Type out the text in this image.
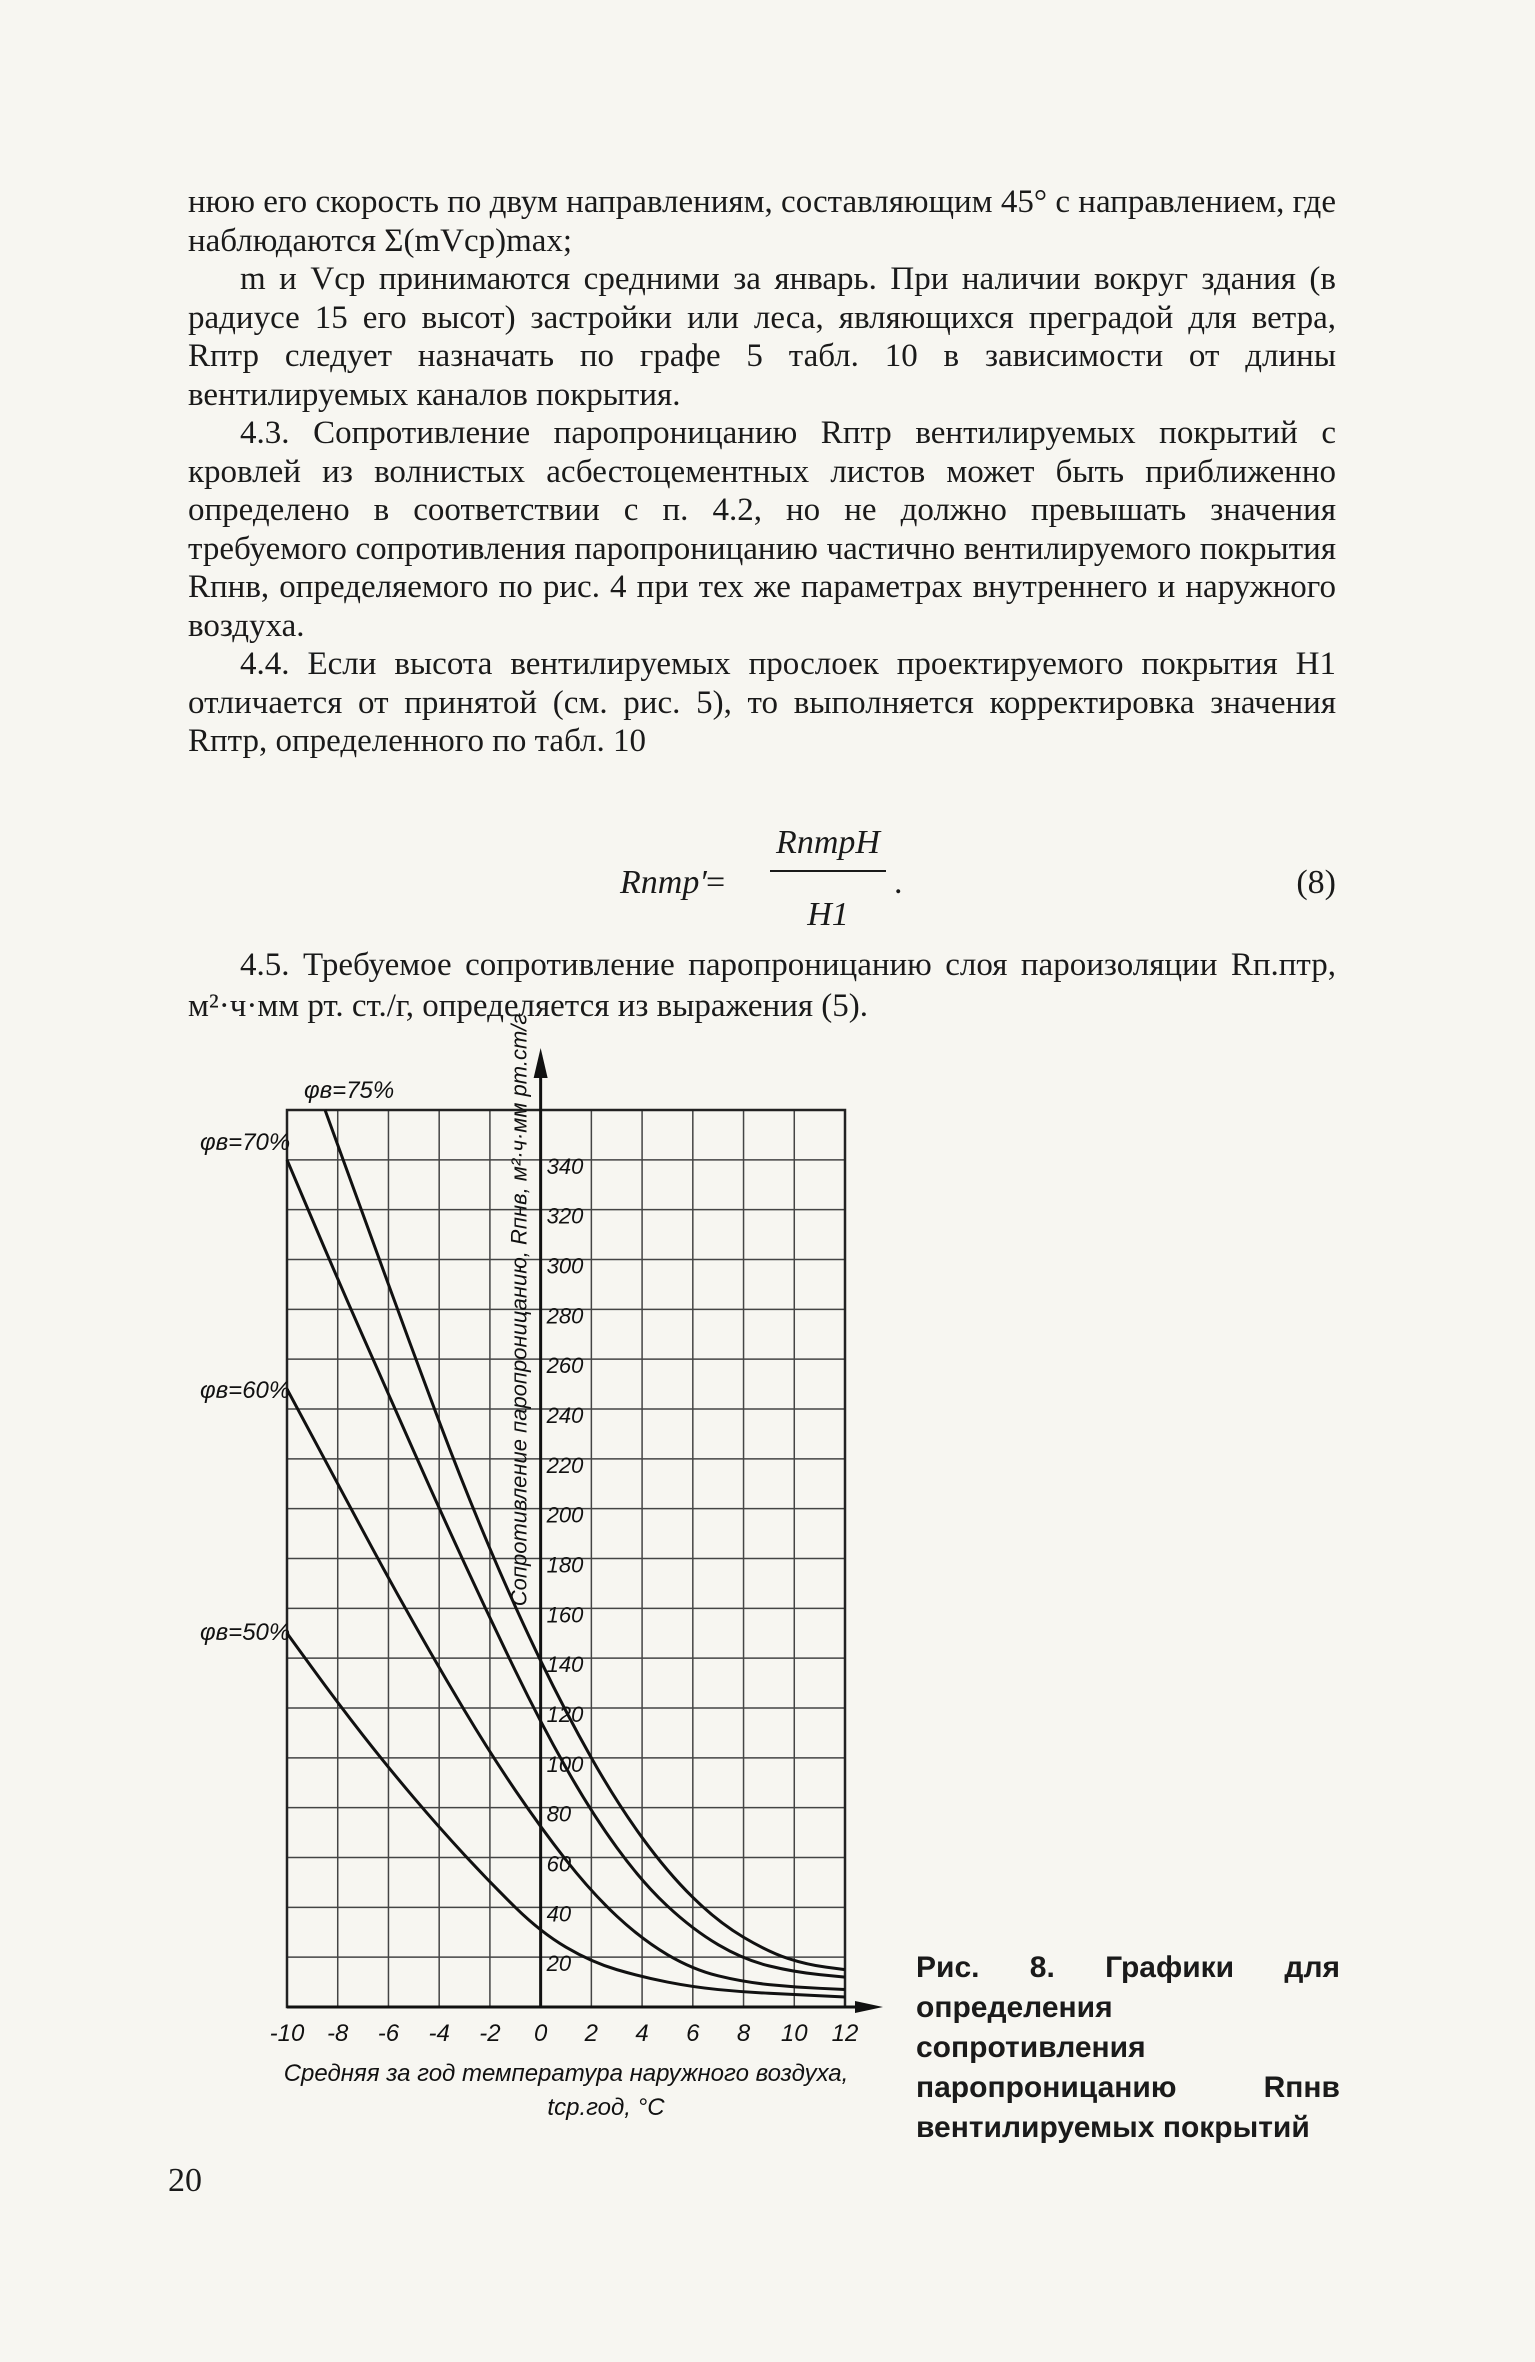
нюю его скорость по двум направлениям, составляющим 45° с направлением, где наблюдаются Σ(mVcp)max;

m и Vcp принимаются средними за январь. При наличии вокруг здания (в радиусе 15 его высот) застройки или леса, являющихся преградой для ветра, Rптр следует назначать по графе 5 табл. 10 в зависимости от длины вентилируемых каналов покрытия.

4.3. Сопротивление паропроницанию Rптр вентилируемых покрытий с кровлей из волнистых асбестоцементных листов может быть приближенно определено в соответствии с п. 4.2, но не должно превышать значения требуемого сопротивления паропроницанию частично вентилируемого покрытия Rпнв, определяемого по рис. 4 при тех же параметрах внутреннего и наружного воздуха.

4.4. Если высота вентилируемых прослоек проектируемого покрытия H1 отличается от принятой (см. рис. 5), то выполняется корректировка значения Rптр, определенного по табл. 10

Rптр′ =
RптрH
H1
.	(8)

4.5. Требуемое сопротивление паропроницанию слоя пароизоляции Rп.птр, м²·ч·мм рт. ст./г, определяется из выражения (5).

20
40
60
80
100
120
140
160
180
200
220
240
260
280
300
320
340
-10 -8 -6 -4 -2 0 2 4 6 8 10 12
Средняя за год температура наружного воздуха,
tср.год, °С
Сопротивление паропроницанию, Rпнв, м²·ч·мм рт.ст/г
φв=75%
φв=70%
φв=60%
φв=50%
Рис. 8. Графики для определения сопротивления паропроницанию Rпнв вентилируемых покрытий
20
